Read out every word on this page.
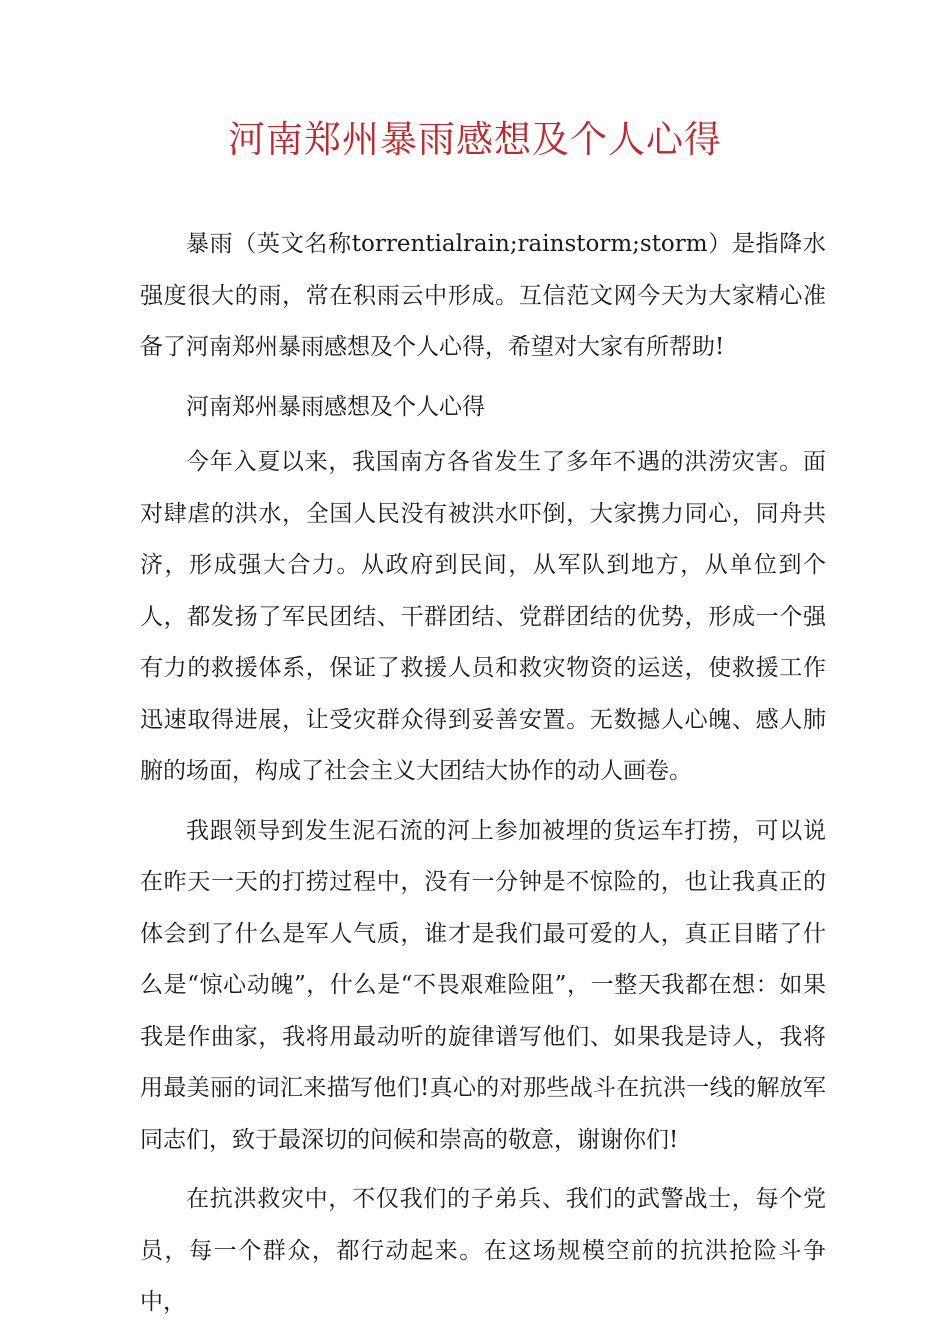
河南郑州暴雨感想及个人心得

暴雨（英文名称torrentialrain;rainstorm;storm）是指降水强度很大的雨，常在积雨云中形成。互信范文网今天为大家精心准备了河南郑州暴雨感想及个人心得，希望对大家有所帮助!

河南郑州暴雨感想及个人心得

今年入夏以来，我国南方各省发生了多年不遇的洪涝灾害。面对肆虐的洪水，全国人民没有被洪水吓倒，大家携力同心，同舟共济，形成强大合力。从政府到民间，从军队到地方，从单位到个人，都发扬了军民团结、干群团结、党群团结的优势，形成一个强有力的救援体系，保证了救援人员和救灾物资的运送，使救援工作迅速取得进展，让受灾群众得到妥善安置。无数撼人心魄、感人肺腑的场面，构成了社会主义大团结大协作的动人画卷。

我跟领导到发生泥石流的河上参加被埋的货运车打捞，可以说在昨天一天的打捞过程中，没有一分钟是不惊险的，也让我真正的体会到了什么是军人气质，谁才是我们最可爱的人，真正目睹了什么是“惊心动魄”，什么是“不畏艰难险阻”，一整天我都在想：如果我是作曲家，我将用最动听的旋律谱写他们、如果我是诗人，我将用最美丽的词汇来描写他们!真心的对那些战斗在抗洪一线的解放军同志们，致于最深切的问候和崇高的敬意，谢谢你们!

在抗洪救灾中，不仅我们的子弟兵、我们的武警战士，每个党员，每一个群众，都行动起来。在这场规模空前的抗洪抢险斗争中，
